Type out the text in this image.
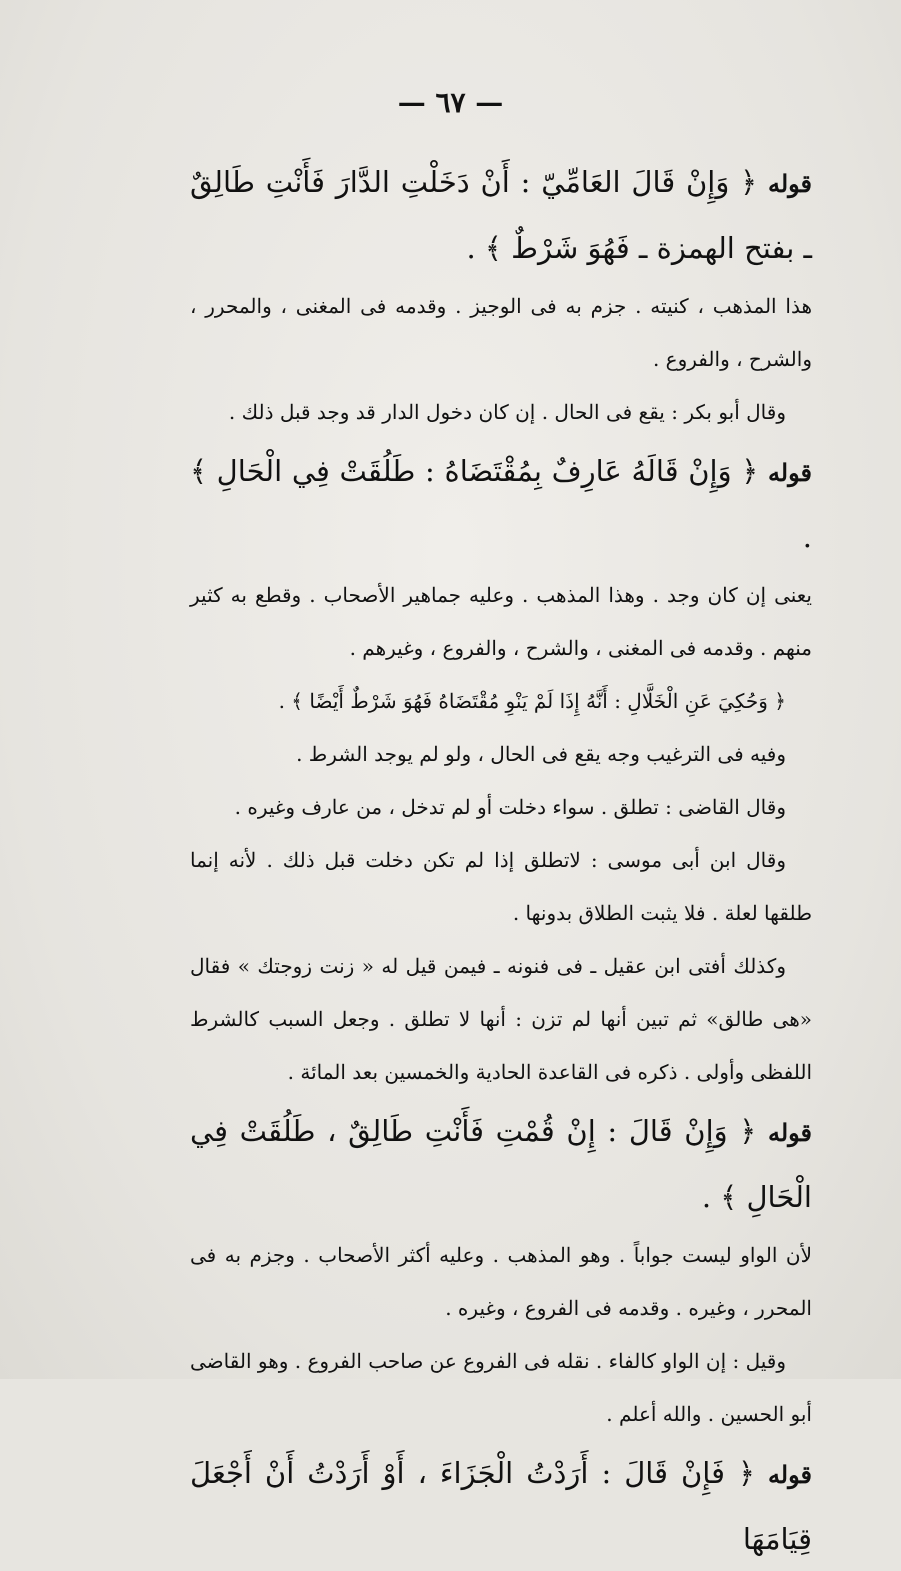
— ٦٧ —

قوله ﴿ وَإِنْ قَالَ العَامِّيّ : أَنْ دَخَلْتِ الدَّارَ فَأَنْتِ طَالِقٌ ـ بفتح الهمزة ـ فَهُوَ شَرْطٌ ﴾ .

هذا المذهب ، كنيته . جزم به فى الوجيز . وقدمه فى المغنى ، والمحرر ، والشرح ، والفروع .

وقال أبو بكر : يقع فى الحال . إن كان دخول الدار قد وجد قبل ذلك .

قوله ﴿ وَإِنْ قَالَهُ عَارِفٌ بِمُقْتَضَاهُ : طَلُقَتْ فِي الْحَالِ ﴾ .

يعنى إن كان وجد . وهذا المذهب . وعليه جماهير الأصحاب . وقطع به كثير منهم . وقدمه فى المغنى ، والشرح ، والفروع ، وغيرهم .

﴿ وَحُكِيَ عَنِ الْخَلَّالِ : أَنَّهُ إِذَا لَمْ يَنْوِ مُقْتَضَاهُ فَهُوَ شَرْطٌ أَيْضًا ﴾ .

وفيه فى الترغيب وجه يقع فى الحال ، ولو لم يوجد الشرط .

وقال القاضى : تطلق . سواء دخلت أو لم تدخل ، من عارف وغيره .

وقال ابن أبى موسى : لاتطلق إذا لم تكن دخلت قبل ذلك . لأنه إنما طلقها لعلة . فلا يثبت الطلاق بدونها .

وكذلك أفتى ابن عقيل ـ فى فنونه ـ فيمن قيل له « زنت زوجتك » فقال «هى طالق» ثم تبين أنها لم تزن : أنها لا تطلق . وجعل السبب كالشرط اللفظى وأولى . ذكره فى القاعدة الحادية والخمسين بعد المائة .

قوله ﴿ وَإِنْ قَالَ : إِنْ قُمْتِ فَأَنْتِ طَالِقٌ ، طَلُقَتْ فِي الْحَالِ ﴾ .

لأن الواو ليست جواباً . وهو المذهب . وعليه أكثر الأصحاب . وجزم به فى المحرر ، وغيره . وقدمه فى الفروع ، وغيره .

وقيل : إن الواو كالفاء . نقله فى الفروع عن صاحب الفروع . وهو القاضى أبو الحسين . والله أعلم .

قوله ﴿ فَإِنْ قَالَ : أَرَدْتُ الْجَزَاءَ ، أَوْ أَرَدْتُ أَنْ أَجْعَلَ قِيَامَهَا
